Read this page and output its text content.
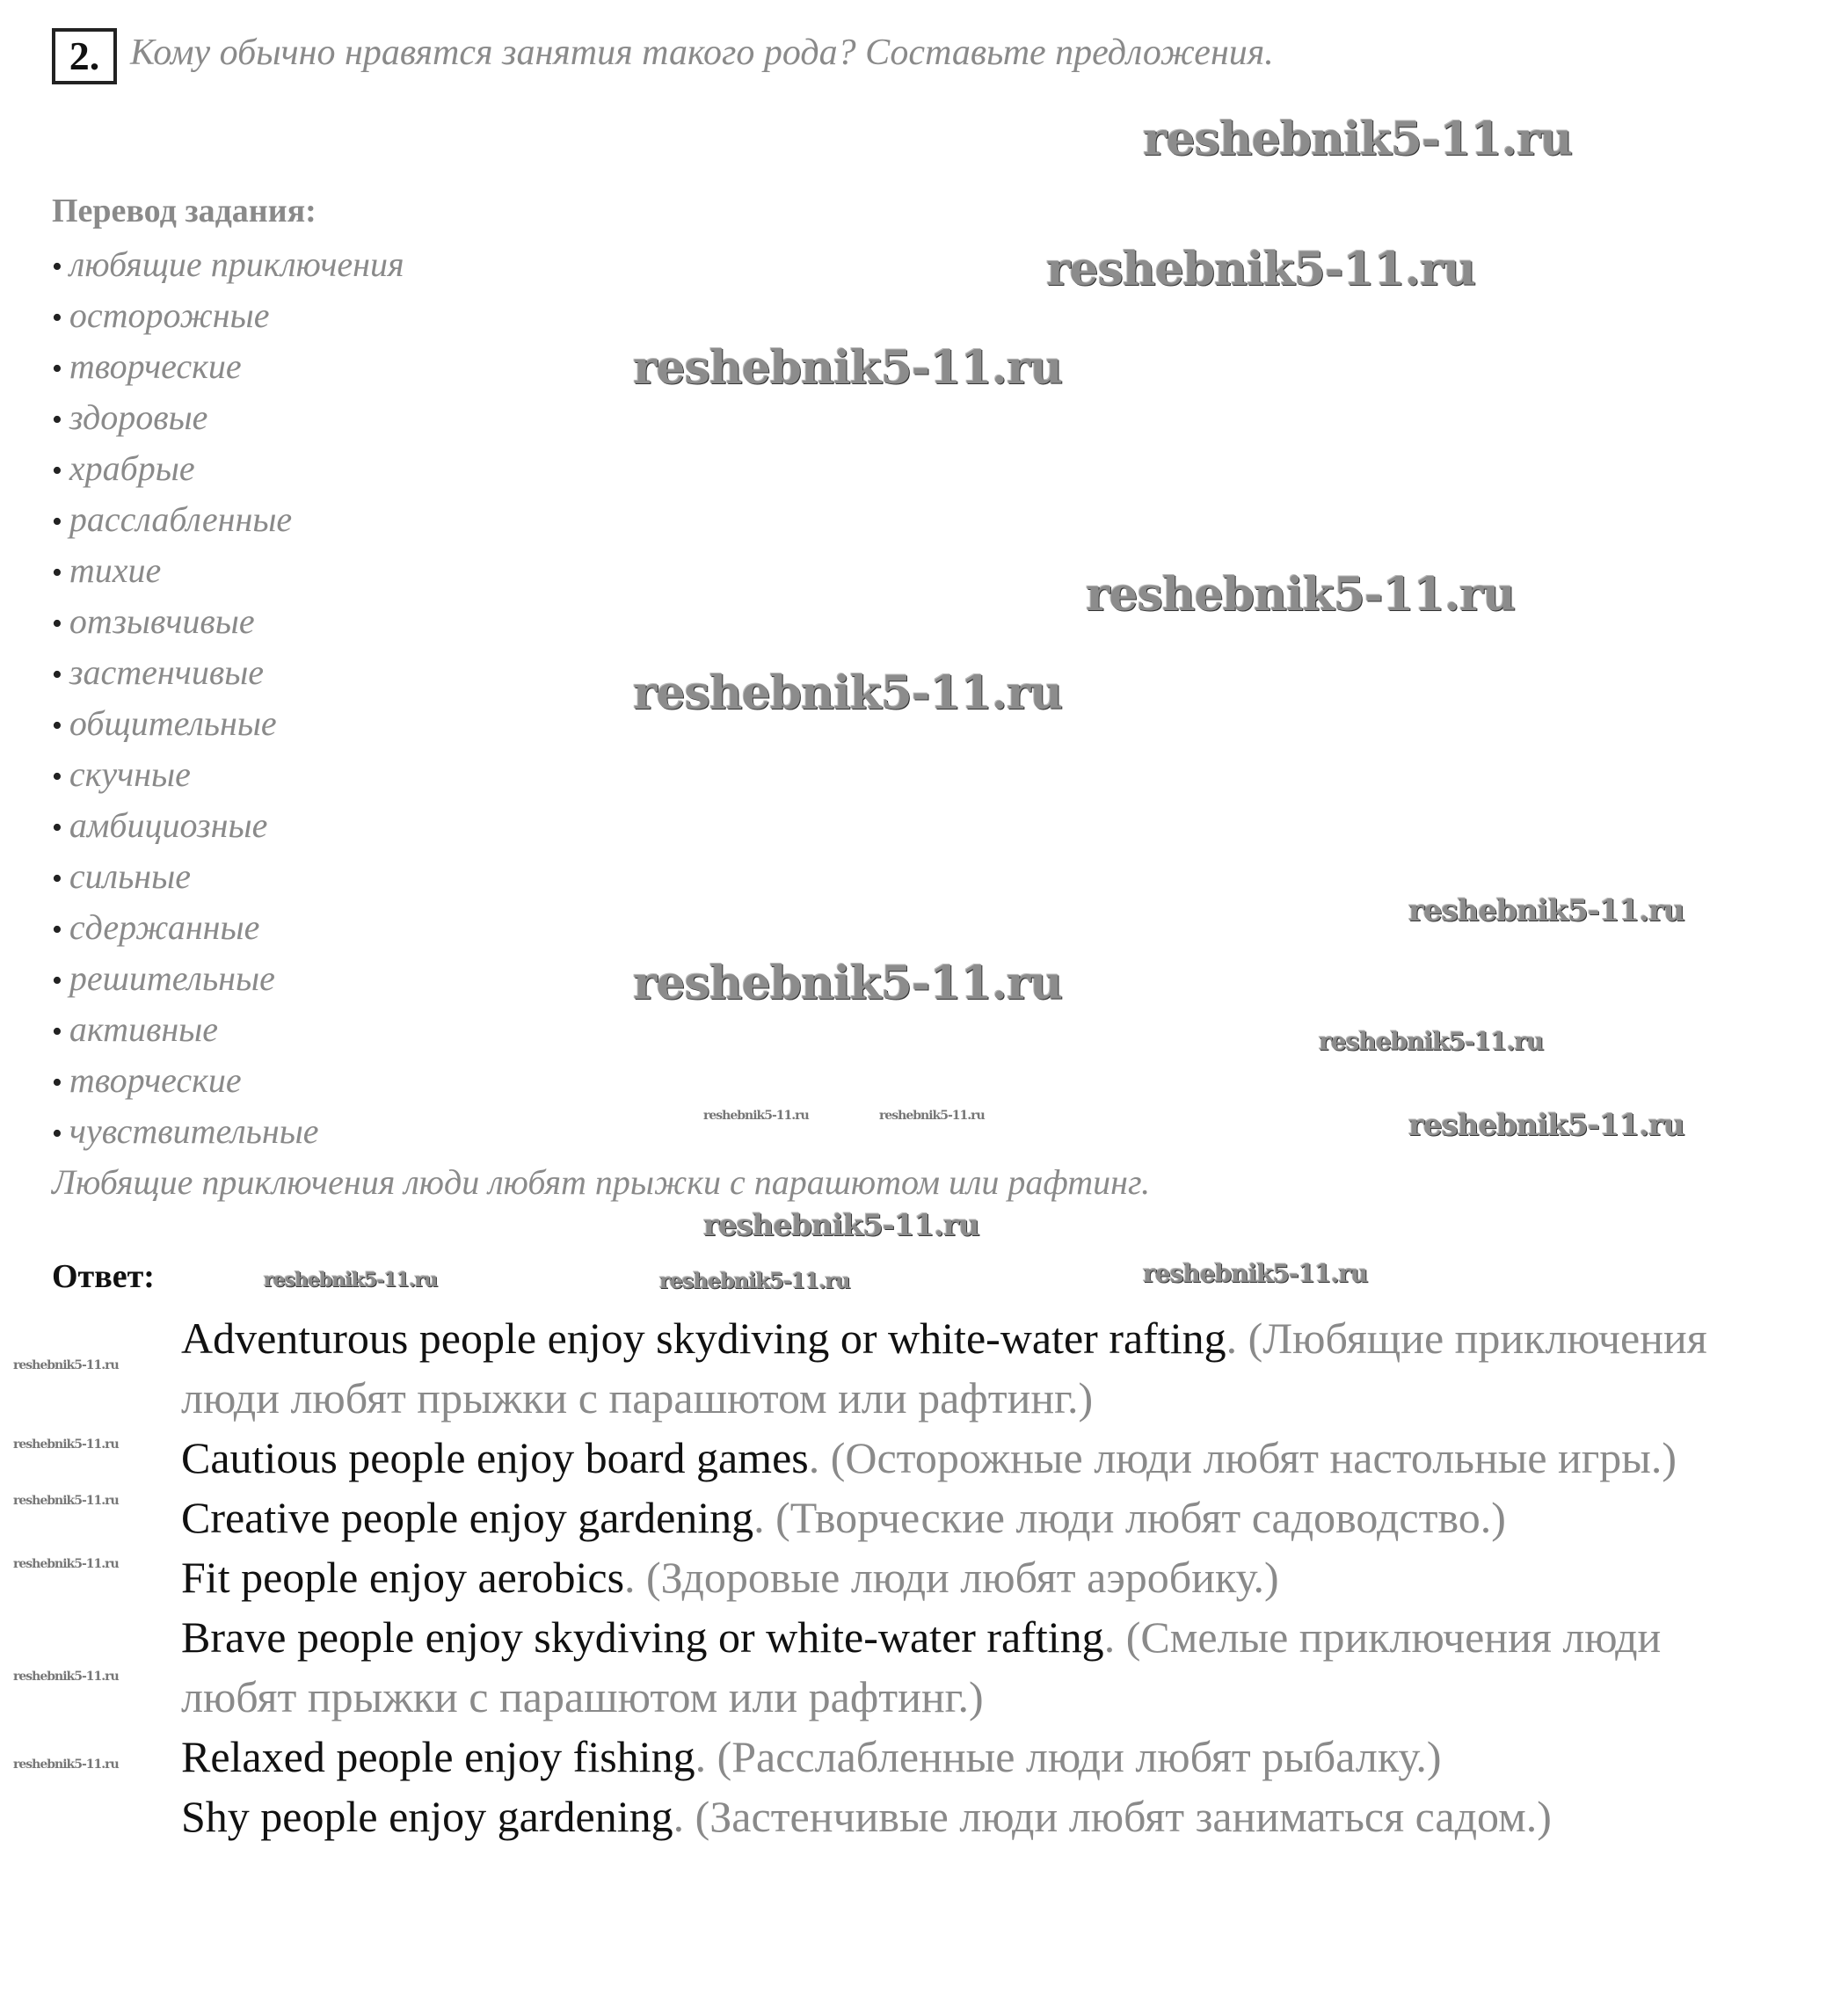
2. Кому обычно нравятся занятия такого рода? Составьте предложения.
Перевод задания:
• любящие приключения
• осторожные
• творческие
• здоровые
• храбрые
• расслабленные
• тихие
• отзывчивые
• застенчивые
• общительные
• скучные
• амбициозные
• сильные
• сдержанные
• решительные
• активные
• творческие
• чувствительные
Любящие приключения люди любят прыжки с парашютом или рафтинг.
Ответ:
Adventurous people enjoy skydiving or white-water rafting. (Любящие приключения люди любят прыжки с парашютом или рафтинг.)
Cautious people enjoy board games. (Осторожные люди любят настольные игры.)
Creative people enjoy gardening. (Творческие люди любят садоводство.)
Fit people enjoy aerobics. (Здоровые люди любят аэробику.)
Brave people enjoy skydiving or white-water rafting. (Смелые приключения люди любят прыжки с парашютом или рафтинг.)
Relaxed people enjoy fishing. (Расслабленные люди любят рыбалку.)
Shy people enjoy gardening. (Застенчивые люди любят заниматься садом.)
reshebnik5-11.ru
reshebnik5-11.ru
reshebnik5-11.ru
reshebnik5-11.ru
reshebnik5-11.ru
reshebnik5-11.ru
reshebnik5-11.ru
reshebnik5-11.ru
reshebnik5-11.ru
reshebnik5-11.ru
reshebnik5-11.ru
reshebnik5-11.ru	reshebnik5-11.ru
reshebnik5-11.ru	reshebnik5-11.ru
reshebnik5-11.ru
reshebnik5-11.ru
reshebnik5-11.ru
reshebnik5-11.ru
reshebnik5-11.ru
reshebnik5-11.ru
